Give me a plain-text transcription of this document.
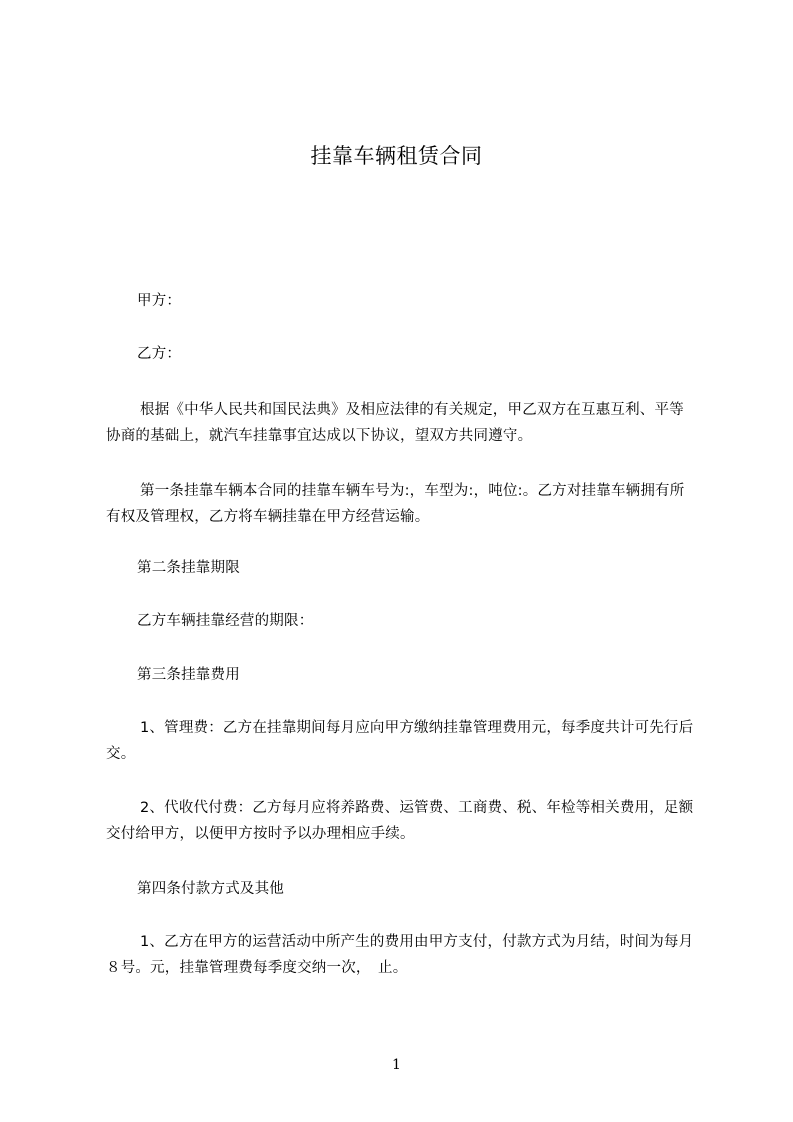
挂靠车辆租赁合同

甲方：

乙方：

根据《中华人民共和国民法典》及相应法律的有关规定，甲乙双方在互惠互利、平等协商的基础上，就汽车挂靠事宜达成以下协议，望双方共同遵守。

第一条挂靠车辆本合同的挂靠车辆车号为:，车型为:，吨位:。乙方对挂靠车辆拥有所有权及管理权，乙方将车辆挂靠在甲方经营运输。

第二条挂靠期限

乙方车辆挂靠经营的期限：

第三条挂靠费用

1、管理费：乙方在挂靠期间每月应向甲方缴纳挂靠管理费用元，每季度共计可先行后交。

2、代收代付费：乙方每月应将养路费、运管费、工商费、税、年检等相关费用，足额交付给甲方，以便甲方按时予以办理相应手续。

第四条付款方式及其他

1、乙方在甲方的运营活动中所产生的费用由甲方支付，付款方式为月结，时间为每月８号。元，挂靠管理费每季度交纳一次，　止。

1
